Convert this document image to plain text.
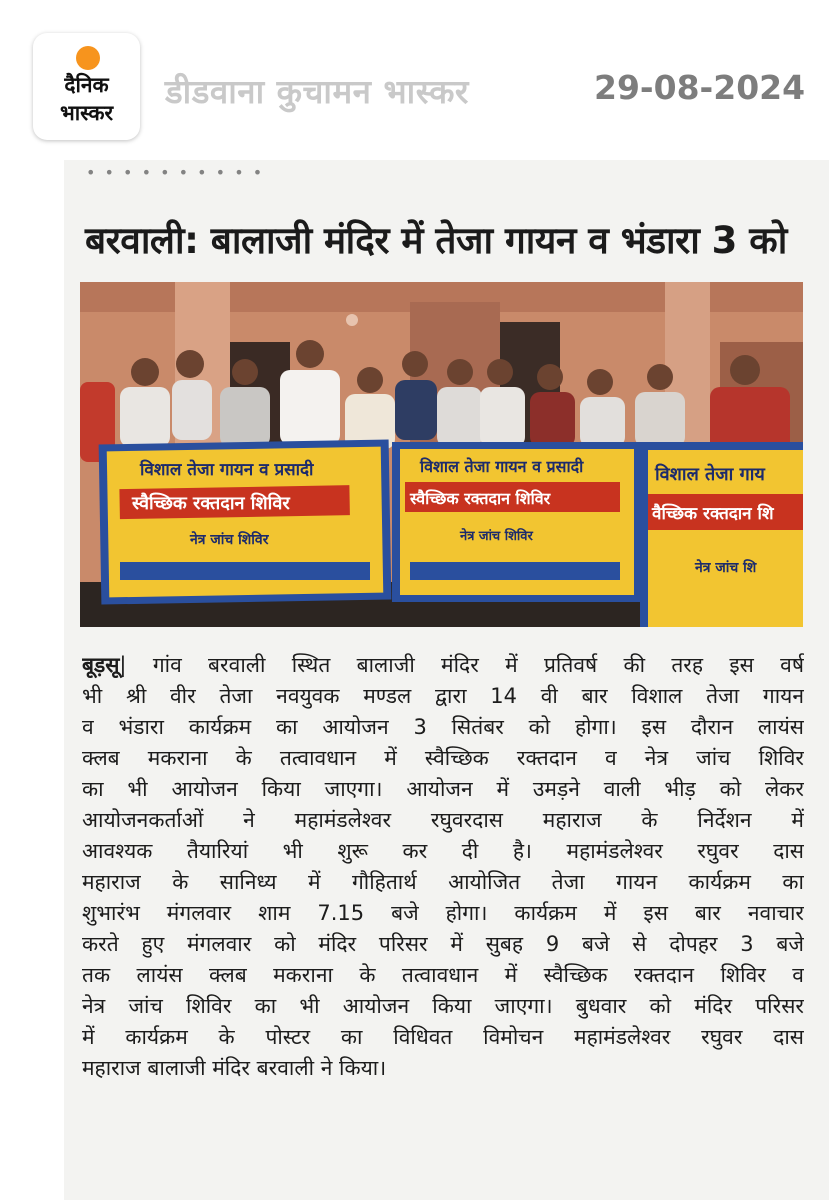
दैनिक
भास्कर
डीडवाना कुचामन भास्कर	29-08-2024
• • • • • • • • • •
बरवाली: बालाजी मंदिर में तेजा गायन व भंडारा 3 को
विशाल तेजा गायन व प्रसादी
स्वैच्छिक रक्तदान शिविर
नेत्र जांच शिविर
विशाल तेजा गायन व प्रसादी
स्वैच्छिक रक्तदान शिविर
नेत्र जांच शिविर
विशाल तेजा गाय
वैच्छिक रक्तदान शि
नेत्र जांच शि
बूड़सू| गांव बरवाली स्थित बालाजी मंदिर में प्रतिवर्ष की तरह इस वर्ष
भी श्री वीर तेजा नवयुवक मण्डल द्वारा 14 वी बार विशाल तेजा गायन
व भंडारा कार्यक्रम का आयोजन 3 सितंबर को होगा। इस दौरान लायंस
क्लब मकराना के तत्वावधान में स्वैच्छिक रक्तदान व नेत्र जांच शिविर
का भी आयोजन किया जाएगा। आयोजन में उमड़ने वाली भीड़ को लेकर
आयोजनकर्ताओं ने महामंडलेश्वर रघुवरदास महाराज के निर्देशन में
आवश्यक तैयारियां भी शुरू कर दी है। महामंडलेश्वर रघुवर दास
महाराज के सानिध्य में गौहितार्थ आयोजित तेजा गायन कार्यक्रम का
शुभारंभ मंगलवार शाम 7.15 बजे होगा। कार्यक्रम में इस बार नवाचार
करते हुए मंगलवार को मंदिर परिसर में सुबह 9 बजे से दोपहर 3 बजे
तक लायंस क्लब मकराना के तत्वावधान में स्वैच्छिक रक्तदान शिविर व
नेत्र जांच शिविर का भी आयोजन किया जाएगा। बुधवार को मंदिर परिसर
में कार्यक्रम के पोस्टर का विधिवत विमोचन महामंडलेश्वर रघुवर दास
महाराज बालाजी मंदिर बरवाली ने किया।
